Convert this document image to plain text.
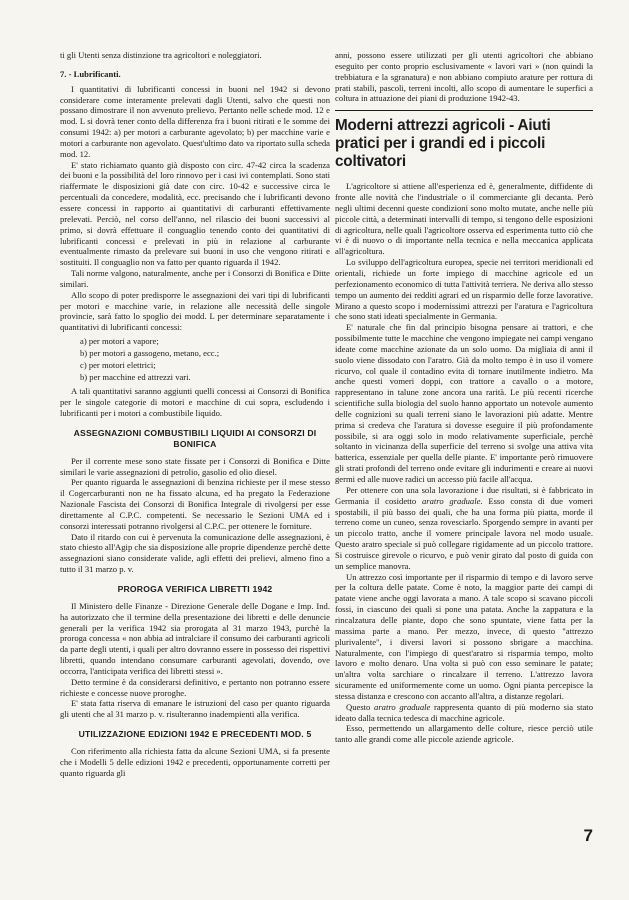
ti gli Utenti senza distinzione tra agricoltori e noleggiatori.

7. - Lubrificanti.

I quantitativi di lubrificanti concessi in buoni nel 1942 si devono considerare come interamente prelevati dagli Utenti, salvo che questi non possano dimostrare il non avvenuto prelievo. Pertanto nelle schede mod. 12 e mod. L si dovrà tener conto della differenza fra i buoni ritirati e le somme dei consumi 1942: a) per motori a carburante agevolato; b) per macchine varie e motori a carburante non agevolato. Quest'ultimo dato va riportato sulla scheda mod. 12.

E' stato richiamato quanto già disposto con circ. 47-42 circa la scadenza dei buoni e la possibilità del loro rinnovo per i casi ivi contemplati. Sono stati riaffermate le disposizioni già date con circ. 10-42 e successive circa le percentuali da concedere, modalità, ecc. precisando che i lubrificanti devono essere concessi in rapporto ai quantitativi di carburanti effettivamente prelevati. Perciò, nel corso dell'anno, nel rilascio dei buoni successivi al primo, si dovrà effettuare il conguaglio tenendo conto dei quantitativi di lubrificanti concessi e prelevati in più in relazione al carburante eventualmente rimasto da prelevare sui buoni in uso che vengono ritirati e sostituiti. Il conguaglio non va fatto per quanto riguarda il 1942.

Tali norme valgono, naturalmente, anche per i Consorzi di Bonifica e Ditte similari.

Allo scopo di poter predisporre le assegnazioni dei vari tipi di lubrificanti per motori e macchine varie, in relazione alle necessità delle singole provincie, sarà fatto lo spoglio dei modd. L per determinare separatamente i quantitativi di lubrificanti concessi:

a) per motori a vapore;
b) per motori a gassogeno, metano, ecc.;
c) per motori elettrici;
b) per macchine ed attrezzi vari.

A tali quantitativi saranno aggiunti quelli concessi ai Consorzi di Bonifica per le singole categorie di motori e macchine di cui sopra, escludendo i lubrificanti per i motori a combustibile liquido.

ASSEGNAZIONI COMBUSTIBILI LIQUIDI AI CONSORZI DI BONIFICA

Per il corrente mese sono state fissate per i Consorzi di Bonifica e Ditte similari le varie assegnazioni di petrolio, gasolio ed olio diesel.

Per quanto riguarda le assegnazioni di benzina richieste per il mese stesso il Cogercarburanti non ne ha fissato alcuna, ed ha pregato la Federazione Nazionale Fascista dei Consorzi di Bonifica Integrale di rivolgersi per esse direttamente al C.P.C. competenti. Se necessario le Sezioni UMA ed i consorzi interessati potranno rivolgersi al C.P.C. per ottenere le forniture.

Dato il ritardo con cui è pervenuta la comunicazione delle assegnazioni, è stato chiesto all'Agip che sia disposizione alle proprie dipendenze perchè dette assegnazioni siano considerate valide, agli effetti dei prelievi, almeno fino a tutto il 31 marzo p. v.

PROROGA VERIFICA LIBRETTI 1942

Il Ministero delle Finanze - Direzione Generale delle Dogane e Imp. Ind. ha autorizzato che il termine della presentazione dei libretti e delle denuncie generali per la verifica 1942 sia prorogata al 31 marzo 1943, purchè la proroga concessa « non abbia ad intralciare il consumo dei carburanti agricoli da parte degli utenti, i quali per altro dovranno essere in possesso dei rispettivi libretti, quando intendano consumare carburanti agevolati, dovendo, ove occorra, l'anticipata verifica dei libretti stessi ».

Detto termine è da considerarsi definitivo, e pertanto non potranno essere richieste e concesse nuove proroghe.

E' stata fatta riserva di emanare le istruzioni del caso per quanto riguarda gli utenti che al 31 marzo p. v. risulteranno inadempienti alla verifica.

UTILIZZAZIONE EDIZIONI 1942 E PRECEDENTI MOD. 5

Con riferimento alla richiesta fatta da alcune Sezioni UMA, si fa presente che i Modelli 5 delle edizioni 1942 e precedenti, opportunamente corretti per quanto riguarda gli

anni, possono essere utilizzati per gli utenti agricoltori che abbiano eseguito per conto proprio esclusivamente « lavori vari » (non quindi la trebbiatura e la sgranatura) e non abbiano compiuto arature per rottura di prati stabili, pascoli, terreni incolti, allo scopo di aumentare le superfici a coltura in attuazione dei piani di produzione 1942-43.

Moderni attrezzi agricoli - Aiuti pratici per i grandi ed i piccoli coltivatori

L'agricoltore si attiene all'esperienza ed è, generalmente, diffidente di fronte alle novità che l'industriale o il commerciante gli decanta. Però negli ultimi decenni queste condizioni sono molto mutate, anche nelle più piccole città, a determinati intervalli di tempo, si tengono delle esposizioni di agricoltura, nelle quali l'agricoltore osserva ed esperimenta tutto ciò che vi è di nuovo o di importante nella tecnica e nella meccanica applicata all'agricoltura.

Lo sviluppo dell'agricoltura europea, specie nei territori meridionali ed orientali, richiede un forte impiego di macchine agricole ed un perfezionamento economico di tutta l'attività terriera. Ne deriva allo stesso tempo un aumento dei redditi agrari ed un risparmio delle forze lavorative. Mirano a questo scopo i modernissimi attrezzi per l'aratura e l'agricoltura che sono stati ideati specialmente in Germania.

E' naturale che fin dal principio bisogna pensare ai trattori, e che possibilmente tutte le macchine che vengono impiegate nei campi vengano ideate come macchine azionate da un solo uomo. Da migliaia di anni il suolo viene dissodato con l'aratro. Già da molto tempo è in uso il vomere ricurvo, col quale il contadino evita di tornare inutilmente indietro. Ma anche questi vomeri doppi, con trattore a cavallo o a motore, rappresentano in talune zone ancora una rarità. Le più recenti ricerche scientifiche sulla biologia del suolo hanno apportato un notevole aumento delle cognizioni su quali terreni siano le lavorazioni più adatte. Mentre prima si credeva che l'aratura si dovesse eseguire il più profondamente possibile, si ara oggi solo in modo relativamente superficiale, perchè soltanto in vicinanza della superficie del terreno si svolge una attiva vita batterica, essenziale per quella delle piante. E' importante però rimuovere gli strati profondi del terreno onde evitare gli indurimenti e creare ai nuovi germi ed alle nuove radici un accesso più facile all'acqua.

Per ottenere con una sola lavorazione i due risultati, si è fabbricato in Germania il cosidetto aratro graduale. Esso consta di due vomeri spostabili, il più basso dei quali, che ha una forma più piatta, morde il terreno come un cuneo, senza rovesciarlo. Sporgendo sempre in avanti per un piccolo tratto, anche il vomere principale lavora nel modo usuale. Questo aratro speciale si può collegare rigidamente ad un piccolo trattore. Si costruisce girevole o ricurvo, e può venir girato dal posto di guida con un semplice manovra.

Un attrezzo così importante per il risparmio di tempo e di lavoro serve per la coltura delle patate. Come è noto, la maggior parte dei campi di patate viene anche oggi lavorata a mano. A tale scopo si scavano piccoli fossi, in ciascuno dei quali si pone una patata. Anche la zappatura e la rincalzatura delle piante, dopo che sono spuntate, viene fatta per la massima parte a mano. Per mezzo, invece, di questo "attrezzo plurivalente", i diversi lavori si possono sbrigare a macchina. Naturalmente, con l'impiego di quest'aratro si risparmia tempo, molto lavoro e molto denaro. Una volta si può con esso seminare le patate; un'altra volta sarchiare o rincalzare il terreno. L'attrezzo lavora sicuramente ed uniformemente come un uomo. Ogni pianta percepisce la stessa distanza e crescono con accanto all'altra, a distanze regolari.

Questo aratro graduale rappresenta quanto di più moderno sia stato ideato dalla tecnica tedesca di macchine agricole.

Esso, permettendo un allargamento delle colture, riesce perciò utile tanto alle grandi come alle piccole aziende agricole.

7
